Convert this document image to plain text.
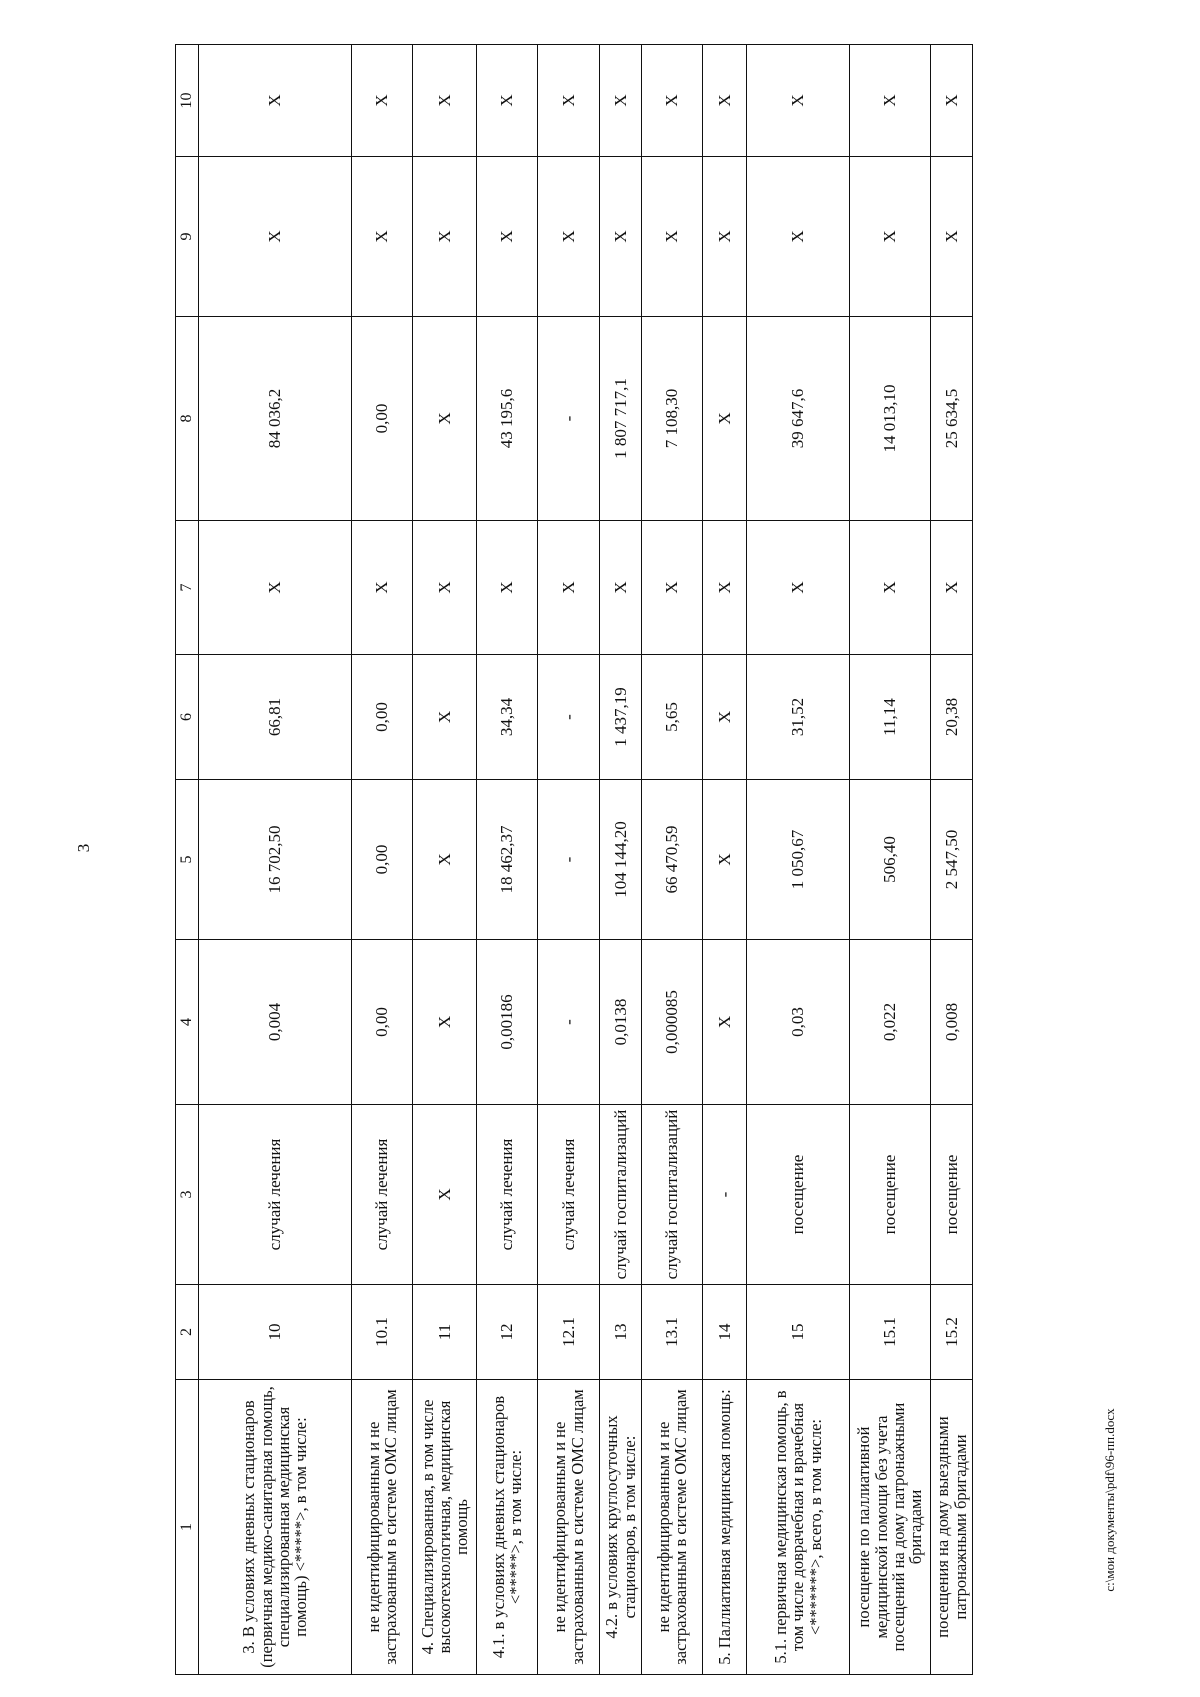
3
1	2	3	4	5	6	7	8	9	10
3. В условиях дневных стационаров (первичная медико-санитарная помощь, специализированная медицинская помощь) <*****>, в том числе:	10	случай лечения	0,004	16 702,50	66,81	Х	84 036,2	Х	Х
не идентифицированным и не застрахованным в системе ОМС лицам	10.1	случай лечения	0,00	0,00	0,00	Х	0,00	Х	Х
4. Специализированная, в том числе высокотехнологичная, медицинская помощь	11	Х	Х	Х	Х	Х	Х	Х	Х
4.1. в условиях дневных стационаров <*****>, в том числе:	12	случай лечения	0,00186	18 462,37	34,34	Х	43 195,6	Х	Х
не идентифицированным и не застрахованным в системе ОМС лицам	12.1	случай лечения	-	-	-	Х	-	Х	Х
4.2. в условиях круглосуточных стационаров, в том числе:	13	случай госпитализаций	0,0138	104 144,20	1 437,19	Х	1 807 717,1	Х	Х
не идентифицированным и не застрахованным в системе ОМС лицам	13.1	случай госпитализаций	0,000085	66 470,59	5,65	Х	7 108,30	Х	Х
5. Паллиативная медицинская помощь:	14	-	Х	Х	Х	Х	Х	Х	Х
5.1. первичная медицинская помощь, в том числе доврачебная и врачебная <*******>, всего, в том числе:	15	посещение	0,03	1 050,67	31,52	Х	39 647,6	Х	Х
посещение по паллиативной медицинской помощи без учета посещений на дому патронажными бригадами	15.1	посещение	0,022	506,40	11,14	Х	14 013,10	Х	Х
посещения на дому выездными патронажными бригадами	15.2	посещение	0,008	2 547,50	20,38	Х	25 634,5	Х	Х
c:\мои документы\pdf\96-пп.docx
